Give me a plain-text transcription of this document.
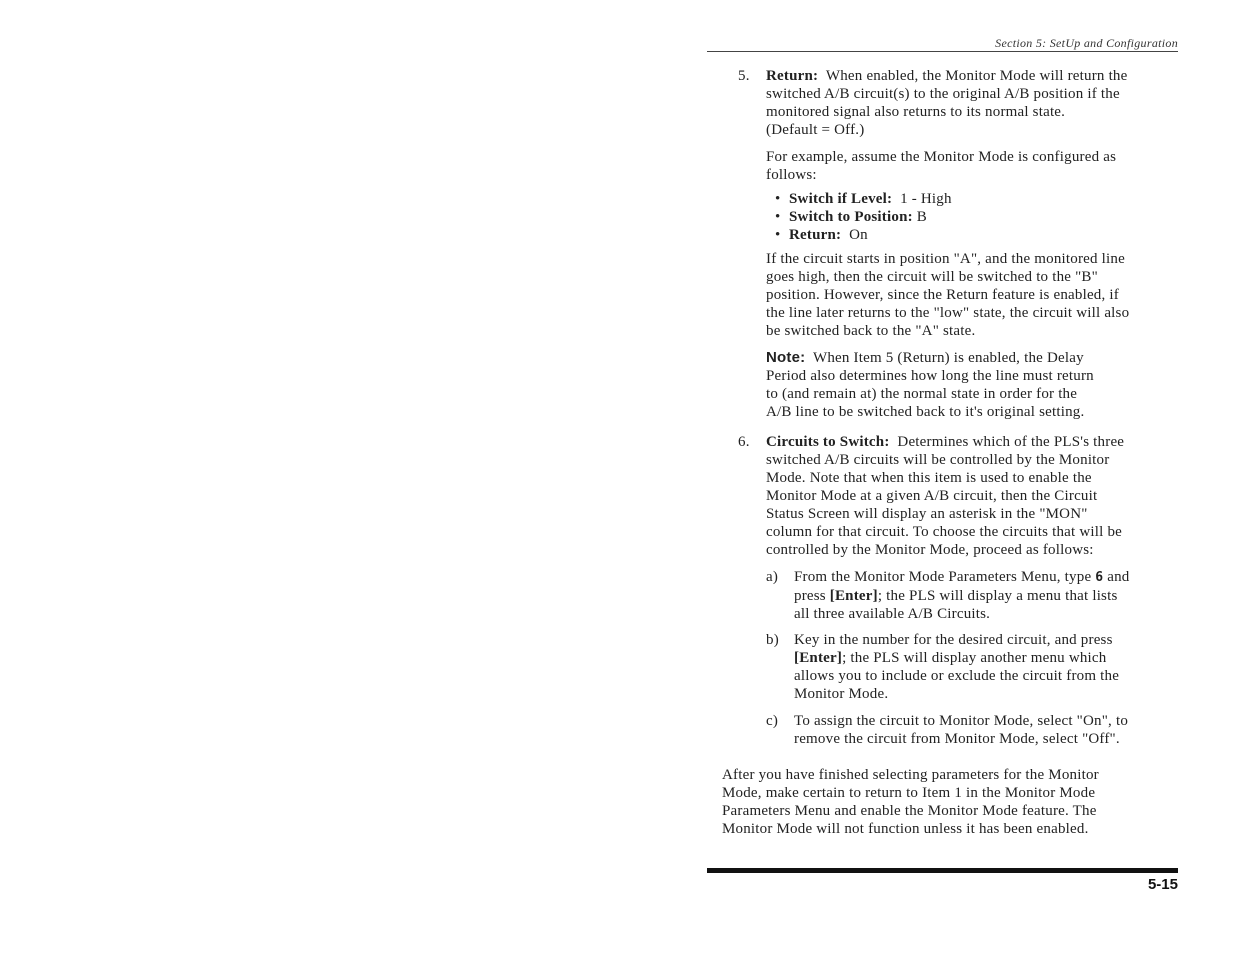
Section 5: SetUp and Configuration
5. Return: When enabled, the Monitor Mode will return the
switched A/B circuit(s) to the original A/B position if the
monitored signal also returns to its normal state.
(Default = Off.)
For example, assume the Monitor Mode is configured as
follows:
• Switch if Level: 1 - High
• Switch to Position: B
• Return: On
If the circuit starts in position "A", and the monitored line
goes high, then the circuit will be switched to the "B"
position. However, since the Return feature is enabled, if
the line later returns to the "low" state, the circuit will also
be switched back to the "A" state.
Note: When Item 5 (Return) is enabled, the Delay
Period also determines how long the line must return
to (and remain at) the normal state in order for the
A/B line to be switched back to it's original setting.
6. Circuits to Switch: Determines which of the PLS's three
switched A/B circuits will be controlled by the Monitor
Mode. Note that when this item is used to enable the
Monitor Mode at a given A/B circuit, then the Circuit
Status Screen will display an asterisk in the "MON"
column for that circuit. To choose the circuits that will be
controlled by the Monitor Mode, proceed as follows:
a) From the Monitor Mode Parameters Menu, type 6 and
press [Enter]; the PLS will display a menu that lists
all three available A/B Circuits.
b) Key in the number for the desired circuit, and press
[Enter]; the PLS will display another menu which
allows you to include or exclude the circuit from the
Monitor Mode.
c) To assign the circuit to Monitor Mode, select "On", to
remove the circuit from Monitor Mode, select "Off".
After you have finished selecting parameters for the Monitor
Mode, make certain to return to Item 1 in the Monitor Mode
Parameters Menu and enable the Monitor Mode feature. The
Monitor Mode will not function unless it has been enabled.
5-15
